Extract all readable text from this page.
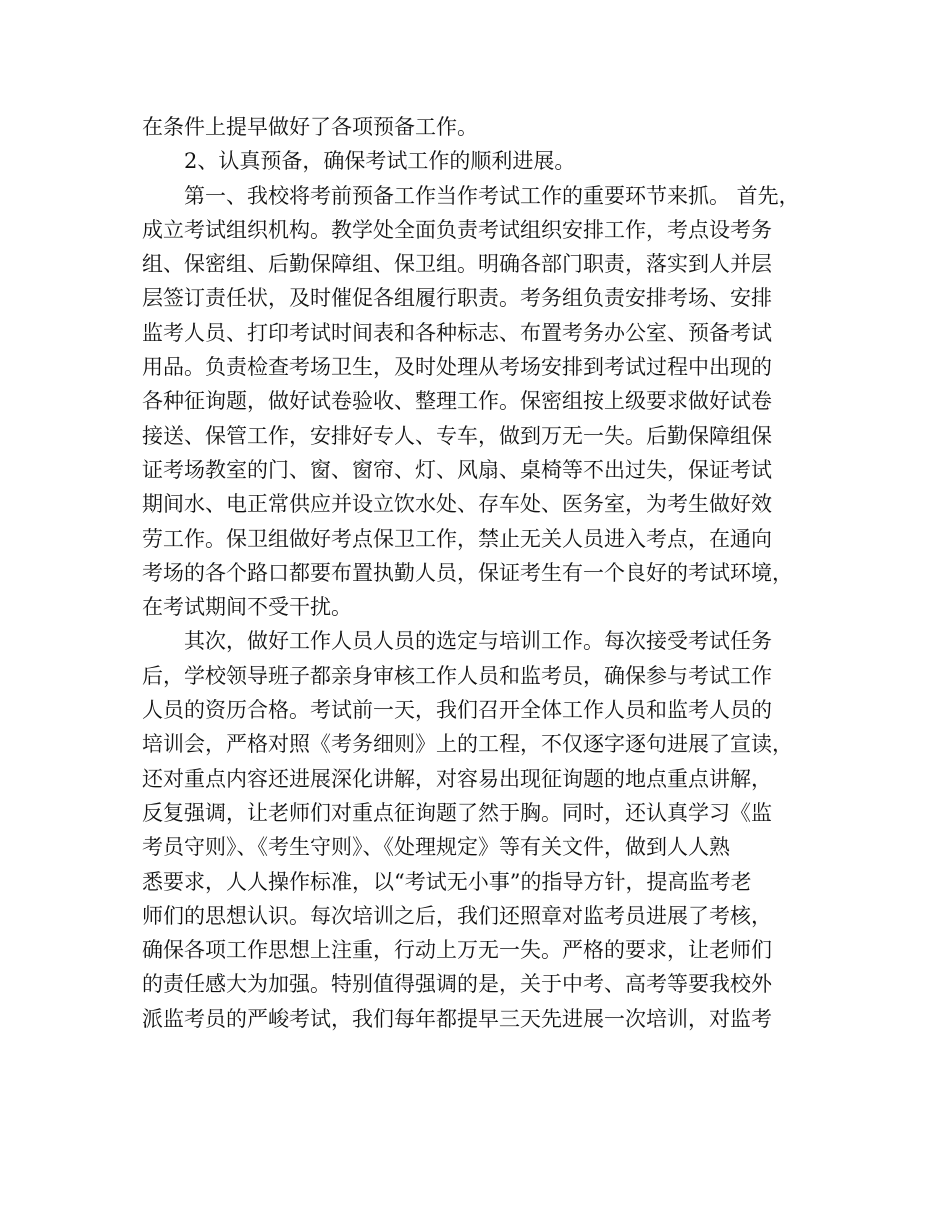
在条件上提早做好了各项预备工作。
2、认真预备，确保考试工作的顺利进展。
第一、我校将考前预备工作当作考试工作的重要环节来抓。 首先，
成立考试组织机构。教学处全面负责考试组织安排工作，考点设考务
组、保密组、后勤保障组、保卫组。明确各部门职责，落实到人并层
层签订责任状，及时催促各组履行职责。考务组负责安排考场、安排
监考人员、打印考试时间表和各种标志、布置考务办公室、预备考试
用品。负责检查考场卫生，及时处理从考场安排到考试过程中出现的
各种征询题，做好试卷验收、整理工作。保密组按上级要求做好试卷
接送、保管工作，安排好专人、专车，做到万无一失。后勤保障组保
证考场教室的门、窗、窗帘、灯、风扇、桌椅等不出过失，保证考试
期间水、电正常供应并设立饮水处、存车处、医务室，为考生做好效
劳工作。保卫组做好考点保卫工作，禁止无关人员进入考点，在通向
考场的各个路口都要布置执勤人员，保证考生有一个良好的考试环境，
在考试期间不受干扰。
其次，做好工作人员人员的选定与培训工作。每次接受考试任务
后，学校领导班子都亲身审核工作人员和监考员，确保参与考试工作
人员的资历合格。考试前一天，我们召开全体工作人员和监考人员的
培训会，严格对照《考务细则》上的工程，不仅逐字逐句进展了宣读，
还对重点内容还进展深化讲解，对容易出现征询题的地点重点讲解，
反复强调，让老师们对重点征询题了然于胸。同时，还认真学习《监
考员守则》、《考生守则》、《处理规定》等有关文件，做到人人熟
悉要求，人人操作标准，以“考试无小事”的指导方针，提高监考老
师们的思想认识。每次培训之后，我们还照章对监考员进展了考核，
确保各项工作思想上注重，行动上万无一失。严格的要求，让老师们
的责任感大为加强。特别值得强调的是，关于中考、高考等要我校外
派监考员的严峻考试，我们每年都提早三天先进展一次培训，对监考
